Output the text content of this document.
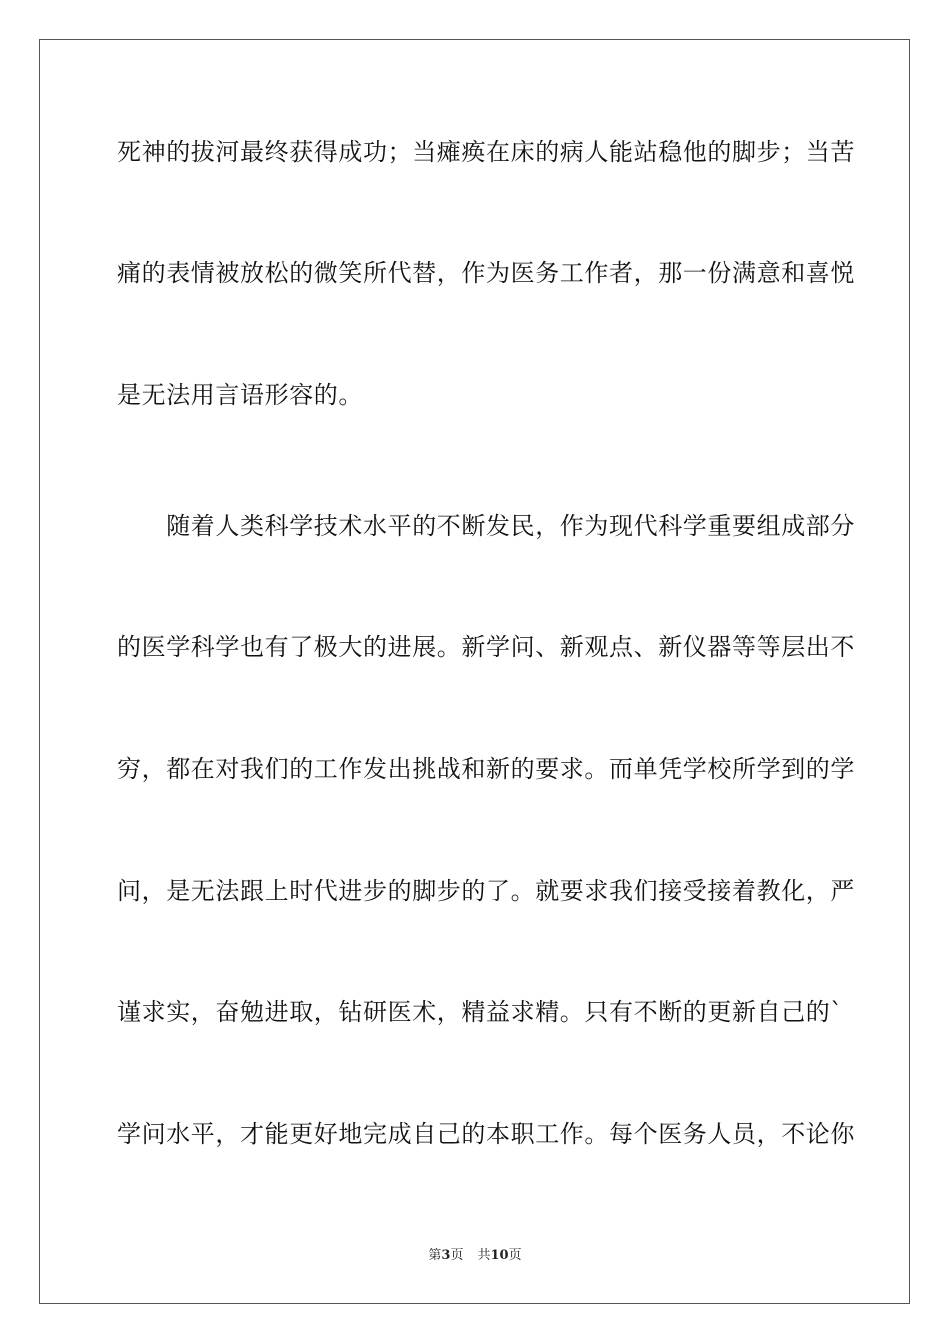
死神的拔河最终获得成功；当瘫痪在床的病人能站稳他的脚步；当苦
痛的表情被放松的微笑所代替，作为医务工作者，那一份满意和喜悦
是无法用言语形容的。
　　随着人类科学技术水平的不断发民，作为现代科学重要组成部分
的医学科学也有了极大的进展。新学问、新观点、新仪器等等层出不
穷，都在对我们的工作发出挑战和新的要求。而单凭学校所学到的学
问，是无法跟上时代进步的脚步的了。就要求我们接受接着教化，严
谨求实，奋勉进取，钻研医术，精益求精。只有不断的更新自己的`
学问水平，才能更好地完成自己的本职工作。每个医务人员，不论你
第3页 共10页
